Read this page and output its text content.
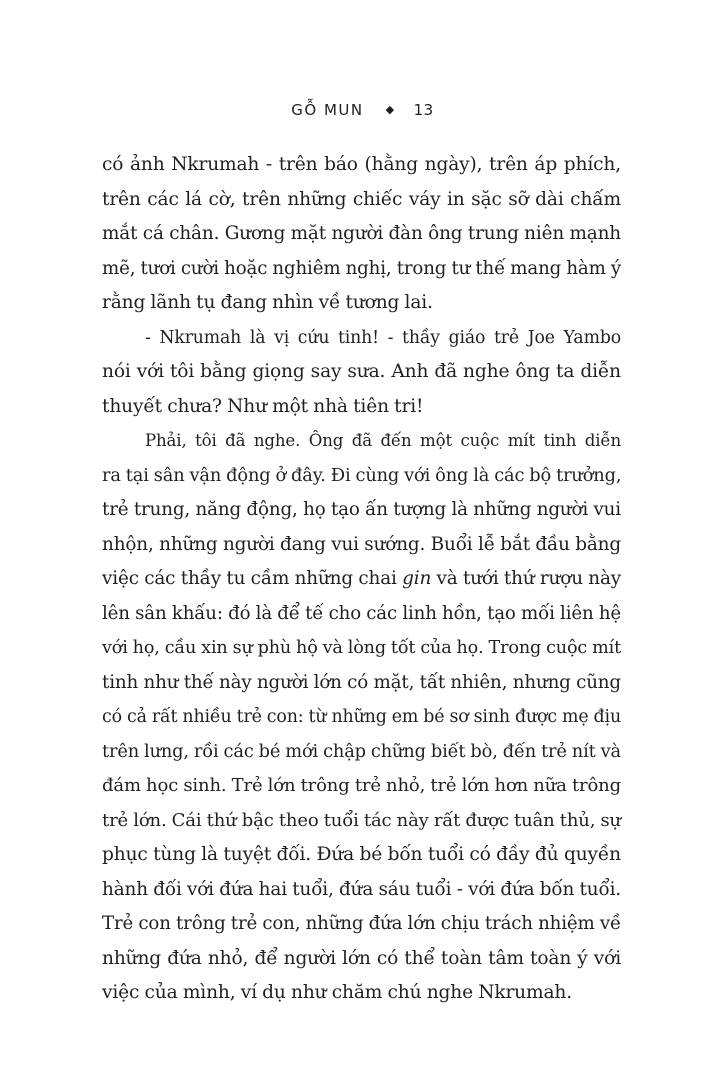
GỖ MUN ◆ 13

có ảnh Nkrumah - trên báo (hằng ngày), trên áp phích,
trên các lá cờ, trên những chiếc váy in sặc sỡ dài chấm
mắt cá chân. Gương mặt người đàn ông trung niên mạnh
mẽ, tươi cười hoặc nghiêm nghị, trong tư thế mang hàm ý
rằng lãnh tụ đang nhìn về tương lai.

- Nkrumah là vị cứu tinh! - thầy giáo trẻ Joe Yambo
nói với tôi bằng giọng say sưa. Anh đã nghe ông ta diễn
thuyết chưa? Như một nhà tiên tri!

Phải, tôi đã nghe. Ông đã đến một cuộc mít tinh diễn
ra tại sân vận động ở đây. Đi cùng với ông là các bộ trưởng,
trẻ trung, năng động, họ tạo ấn tượng là những người vui
nhộn, những người đang vui sướng. Buổi lễ bắt đầu bằng
việc các thầy tu cầm những chai gin và tưới thứ rượu này
lên sân khấu: đó là để tế cho các linh hồn, tạo mối liên hệ
với họ, cầu xin sự phù hộ và lòng tốt của họ. Trong cuộc mít
tinh như thế này người lớn có mặt, tất nhiên, nhưng cũng
có cả rất nhiều trẻ con: từ những em bé sơ sinh được mẹ địu
trên lưng, rồi các bé mới chập chững biết bò, đến trẻ nít và
đám học sinh. Trẻ lớn trông trẻ nhỏ, trẻ lớn hơn nữa trông
trẻ lớn. Cái thứ bậc theo tuổi tác này rất được tuân thủ, sự
phục tùng là tuyệt đối. Đứa bé bốn tuổi có đầy đủ quyền
hành đối với đứa hai tuổi, đứa sáu tuổi - với đứa bốn tuổi.
Trẻ con trông trẻ con, những đứa lớn chịu trách nhiệm về
những đứa nhỏ, để người lớn có thể toàn tâm toàn ý với
việc của mình, ví dụ như chăm chú nghe Nkrumah.
